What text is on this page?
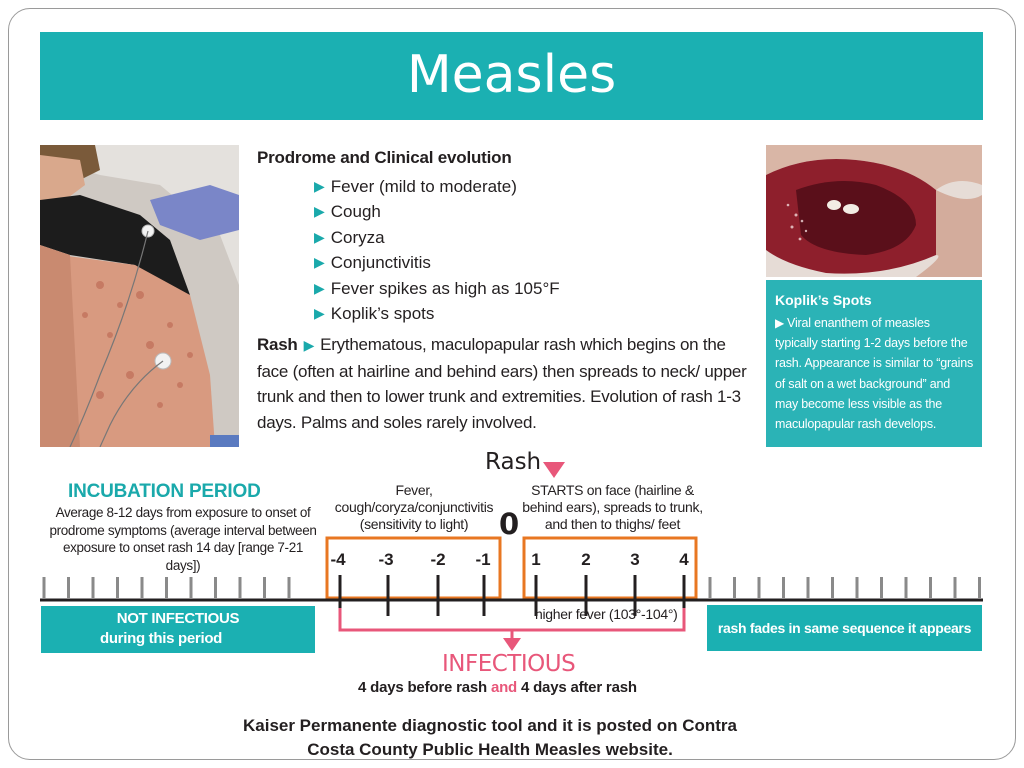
Measles
Prodrome and Clinical evolution
▶ Fever (mild to moderate)
▶ Cough
▶ Coryza
▶ Conjunctivitis
▶ Fever spikes as high as 105°F
▶ Koplik’s spots
Rash ▶ Erythematous, maculopapular rash which begins on the face (often at hairline and behind ears) then spreads to neck/ upper trunk and then to lower trunk and extremities. Evolution of rash 1-3 days. Palms and soles rarely involved.
Koplik’s Spots

▶ Viral enanthem of measles typically starting 1-2 days before the rash. Appearance is similar to “grains of salt on a wet background” and may become less visible as the maculopapular rash develops.

INCUBATION PERIOD
Average 8-12 days from exposure to onset of prodrome symptoms (average interval between exposure to onset rash 14 day [range 7-21 days])
Fever, cough/coryza/conjunctivitis (sensitivity to light)
STARTS on face (hairline & behind ears), spreads to trunk, and then to thighs/ feet
Rash
0
-4 -3 -2 -1 1 2 3 4
NOT INFECTIOUS
during this period
rash fades in same sequence it appears
higher fever (103°-104°)
INFECTIOUS
4 days before rash and 4 days after rash
Kaiser Permanente diagnostic tool and it is posted on Contra
Costa County Public Health Measles website.
